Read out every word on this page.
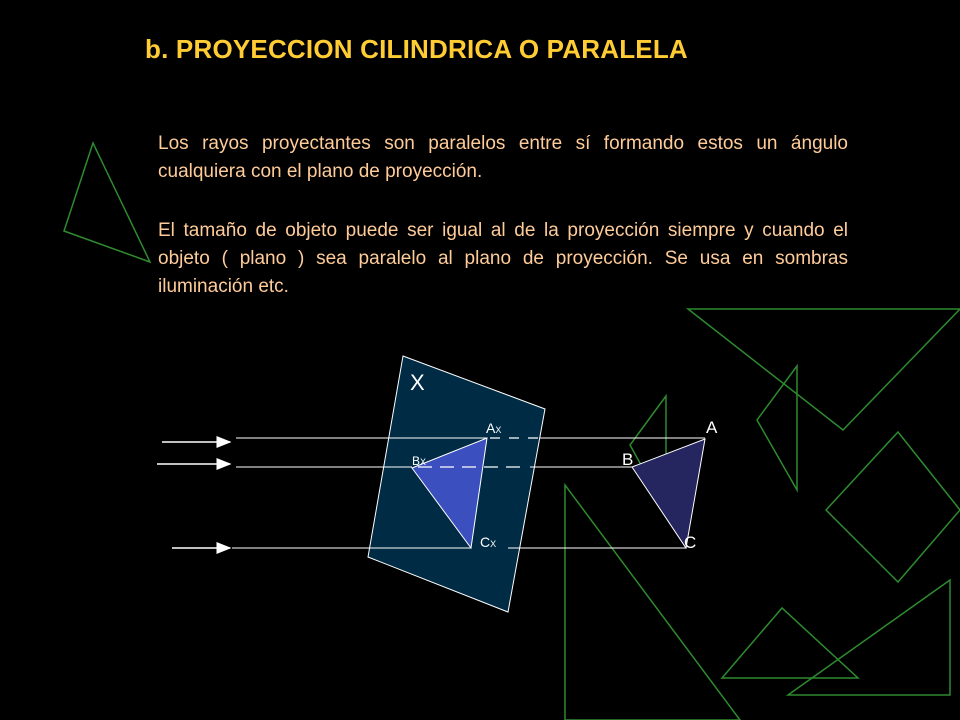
b. PROYECCION CILINDRICA O PARALELA

Los rayos proyectantes son paralelos entre sí formando estos un ángulo cualquiera con el plano de proyección.

El tamaño de objeto puede ser igual al de la proyección siempre y cuando el objeto ( plano ) sea paralelo al plano de proyección. Se usa en sombras iluminación etc.

X
AX
BX
CX
A
B
C
